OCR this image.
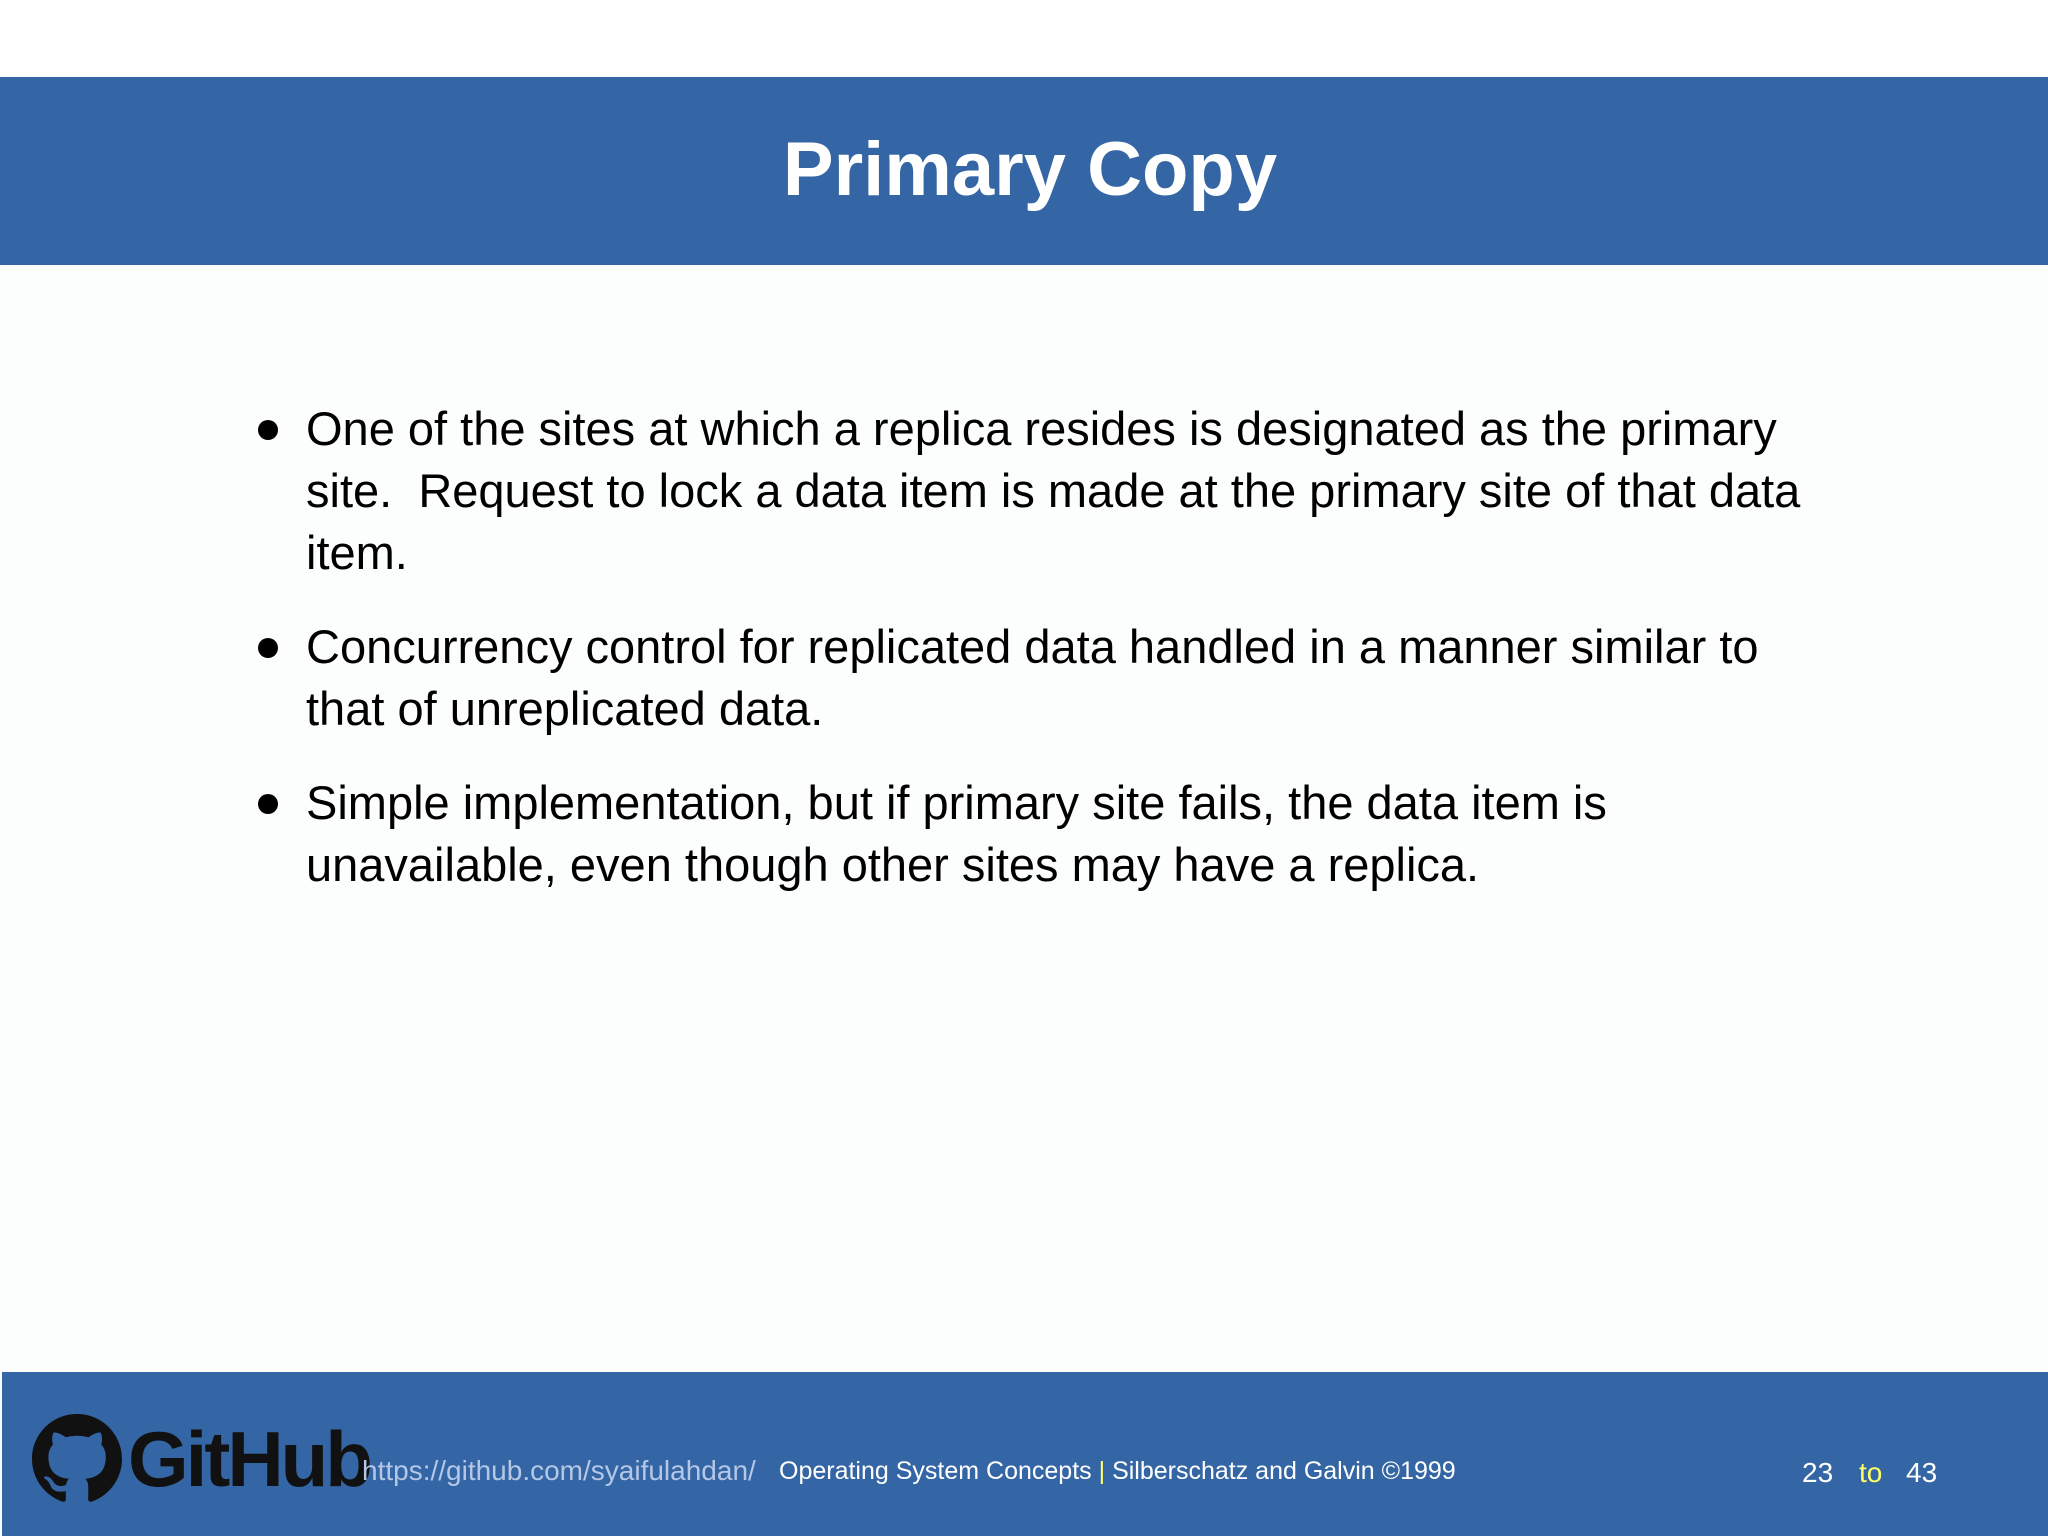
Primary Copy
One of the sites at which a replica resides is designated as the primary site.  Request to lock a data item is made at the primary site of that data item.
Concurrency control for replicated data handled in a manner similar to that of unreplicated data.
Simple implementation, but if primary site fails, the data item is unavailable, even though other sites may have a replica.
GitHub
https://github.com/syaifulahdan/ Operating System Concepts | Silberschatz and Galvin ©1999	23 to 43
